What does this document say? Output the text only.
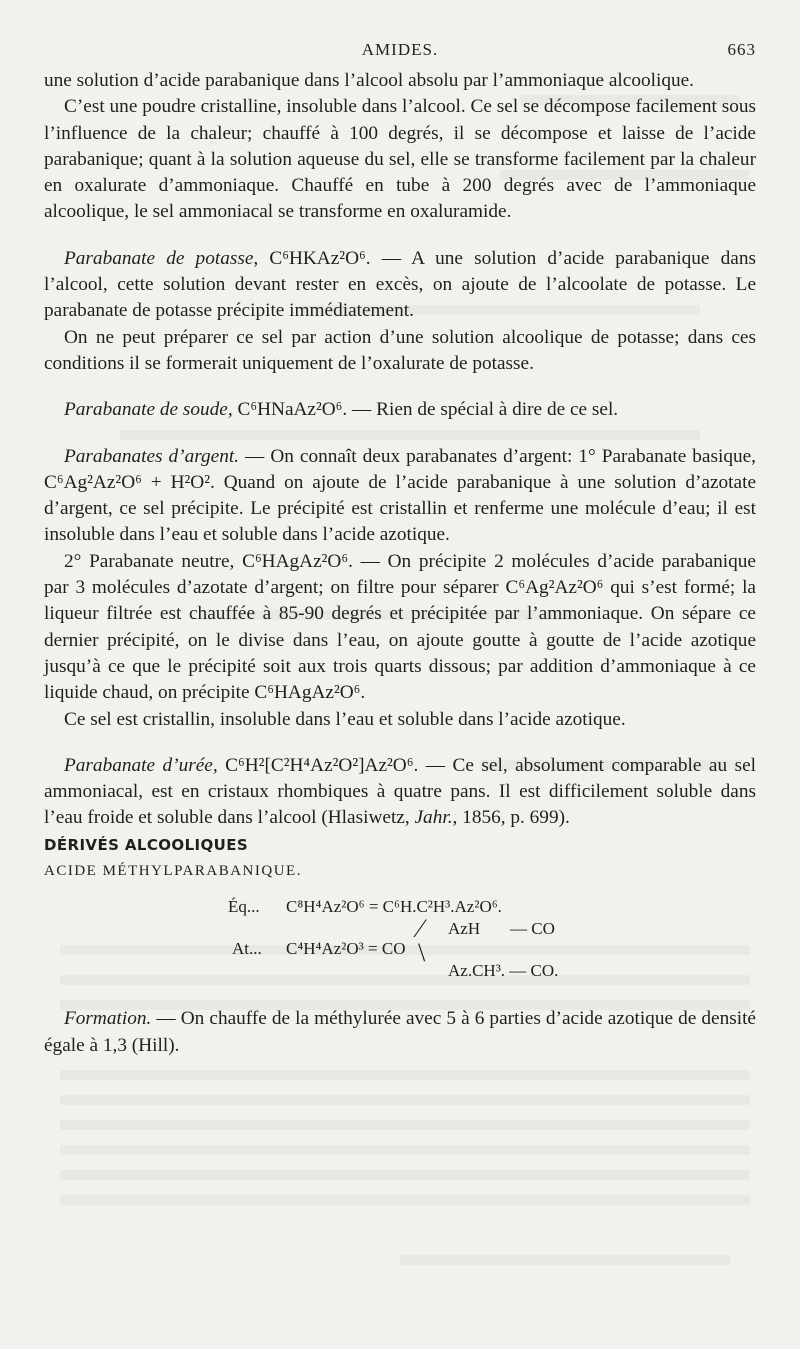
AMIDES.	663

une solution d’acide parabanique dans l’alcool absolu par l’ammoniaque alcoolique.

C’est une poudre cristalline, insoluble dans l’alcool. Ce sel se décompose facilement sous l’influence de la chaleur; chauffé à 100 degrés, il se décompose et laisse de l’acide parabanique; quant à la solution aqueuse du sel, elle se transforme facilement par la chaleur en oxalurate d’ammoniaque. Chauffé en tube à 200 degrés avec de l’ammoniaque alcoolique, le sel ammoniacal se transforme en oxaluramide.

Parabanate de potasse, C⁶HKAz²O⁶. — A une solution d’acide parabanique dans l’alcool, cette solution devant rester en excès, on ajoute de l’alcoolate de potasse. Le parabanate de potasse précipite immédiatement.

On ne peut préparer ce sel par action d’une solution alcoolique de potasse; dans ces conditions il se formerait uniquement de l’oxalurate de potasse.

Parabanate de soude, C⁶HNaAz²O⁶. — Rien de spécial à dire de ce sel.

Parabanates d’argent. — On connaît deux parabanates d’argent: 1° Parabanate basique, C⁶Ag²Az²O⁶ + H²O². Quand on ajoute de l’acide parabanique à une solution d’azotate d’argent, ce sel précipite. Le précipité est cristallin et renferme une molécule d’eau; il est insoluble dans l’eau et soluble dans l’acide azotique.

2° Parabanate neutre, C⁶HAgAz²O⁶. — On précipite 2 molécules d’acide parabanique par 3 molécules d’azotate d’argent; on filtre pour séparer C⁶Ag²Az²O⁶ qui s’est formé; la liqueur filtrée est chauffée à 85-90 degrés et précipitée par l’ammoniaque. On sépare ce dernier précipité, on le divise dans l’eau, on ajoute goutte à goutte de l’acide azotique jusqu’à ce que le précipité soit aux trois quarts dissous; par addition d’ammoniaque à ce liquide chaud, on précipite C⁶HAgAz²O⁶.

Ce sel est cristallin, insoluble dans l’eau et soluble dans l’acide azotique.

Parabanate d’urée, C⁶H²[C²H⁴Az²O²]Az²O⁶. — Ce sel, absolument comparable au sel ammoniacal, est en cristaux rhombiques à quatre pans. Il est difficilement soluble dans l’eau froide et soluble dans l’alcool (Hlasiwetz, Jahr., 1856, p. 699).

DÉRIVÉS ALCOOLIQUES

ACIDE MÉTHYLPARABANIQUE.

Éq... C⁸H⁴Az²O⁶ = C⁶H.C²H³.Az²O⁶.
At... C⁴H⁴Az²O³ = CO
⁄
\
AzH — CO
Az.CH³. — CO.

Formation. — On chauffe de la méthylurée avec 5 à 6 parties d’acide azotique de densité égale à 1,3 (Hill).
